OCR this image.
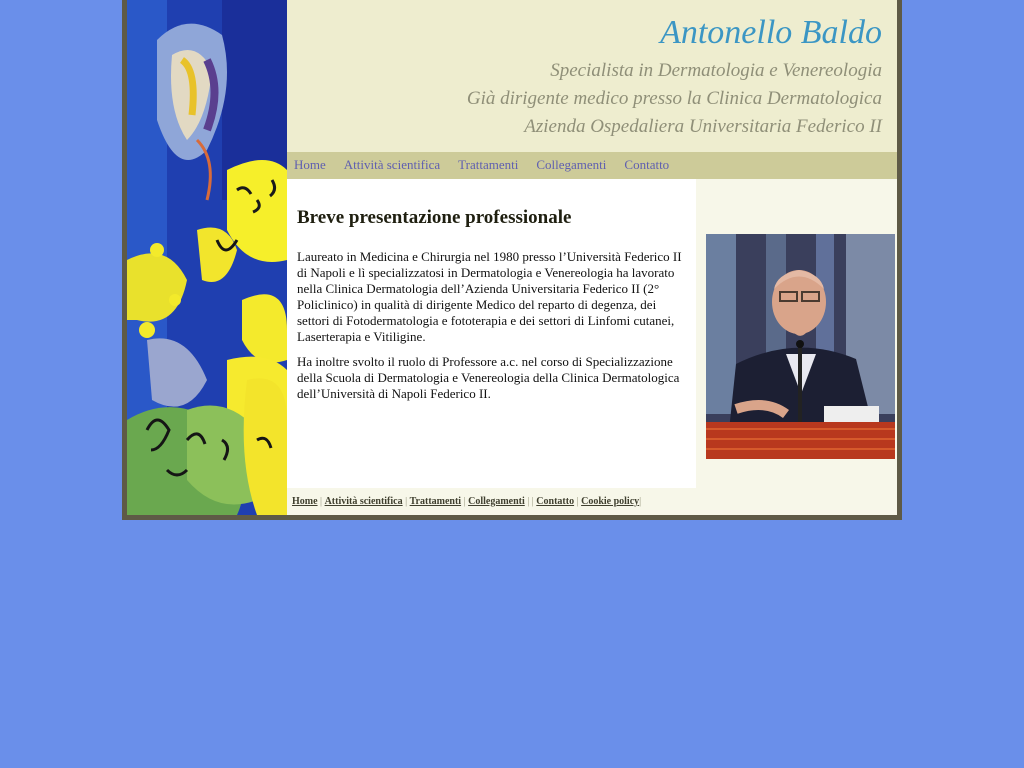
Antonello Baldo

Specialista in Dermatologia e Venereologia

Già dirigente medico presso la Clinica Dermatologica

Azienda Ospedaliera Universitaria Federico II

Home Attività scientifica Trattamenti Collegamenti Contatto
Breve presentazione professionale

Laureato in Medicina e Chirurgia nel 1980 presso l’Università Federico II di Napoli e lì specializzatosi in Dermatologia e Venereologia ha lavorato nella Clinica Dermatologia dell’Azienda Universitaria Federico II (2° Policlinico) in qualità di dirigente Medico del reparto di degenza, dei settori di Fotodermatologia e fototerapia e dei settori di Linfomi cutanei, Laserterapia e Vitiligine.

Ha inoltre svolto il ruolo di Professore a.c. nel corso di Specializzazione della Scuola di Dermatologia e Venereologia della Clinica Dermatologica dell’Università di Napoli Federico II.

Home | Attività scientifica | Trattamenti | Collegamenti | | Contatto | Cookie policy|
